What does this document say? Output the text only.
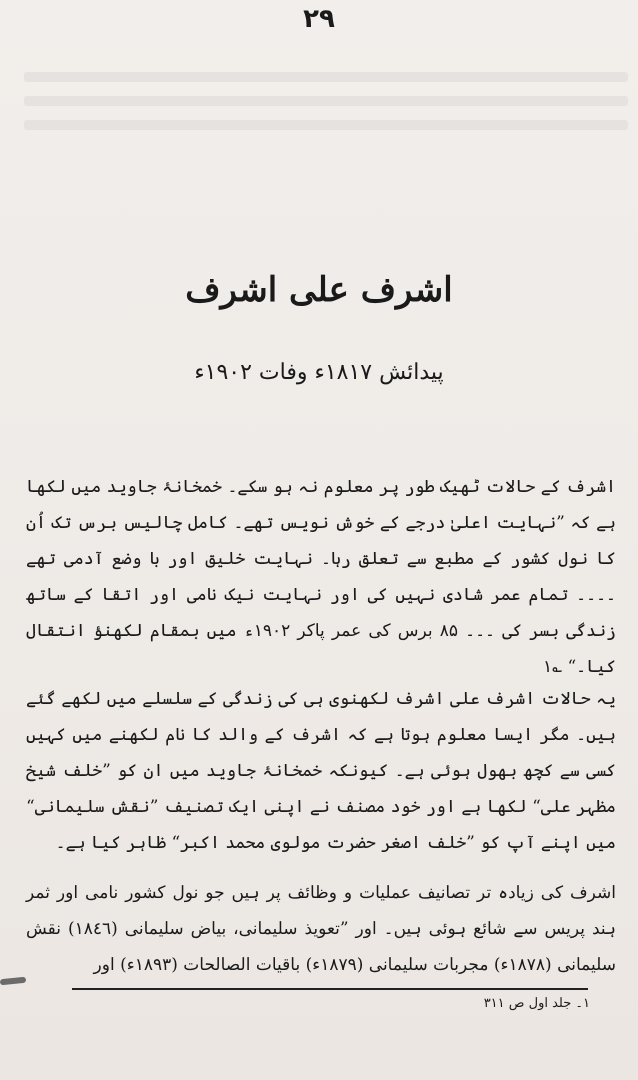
٢٩
اشرف علی اشرف
پیدائش ١٨١٧ء وفات ١٩٠٢ء

اشرف کے حالات ٹھیک طور پر معلوم نہ ہو سکے۔ خمخانۂ جاوید میں لکھا ہے کہ ”نہایت اعلیٰ درجے کے خوش نویس تھے۔ کامل چالیس برس تک اُن کا نول کشور کے مطبع سے تعلق رہا۔ نہایت خلیق اور با وضع آدمی تھے ۔۔۔۔ تمام عمر شادی نہیں کی اور نہایت نیک نامی اور اتقا کے ساتھ زندگی بسر کی ۔۔۔ ۸۵ برس کی عمر پاکر ١٩٠٢ء میں بمقام لکھنؤ انتقال کیا۔“ ؎١

یہ حالات اشرف علی اشرف لکھنوی ہی کی زندگی کے سلسلے میں لکھے گئے ہیں۔ مگر ایسا معلوم ہوتا ہے کہ اشرف کے والد کا نام لکھنے میں کہیں کسی سے کچھ بھول ہوئی ہے۔ کیونکہ خمخانۂ جاوید میں ان کو ”خلف شیخ مظہر علی“ لکھا ہے اور خود مصنف نے اپنی ایک تصنیف ”نقش سلیمانی“ میں اپنے آپ کو ”خلف اصغر حضرت مولوی محمد اکبر“ ظاہر کیا ہے۔

اشرف کی زیادہ تر تصانیف عملیات و وظائف پر ہیں جو نول کشور نامی اور ثمر ہند پریس سے شائع ہوئی ہیں۔ اور ”تعویذ سلیمانی، بیاض سلیمانی (١٨٤٦) نقش سلیمانی (١٨٧٨ء) مجربات سلیمانی (١٨٧٩ء) باقیات الصالحات (١٨٩٣ء) اور

١۔ جلد اول ص ٣١١
